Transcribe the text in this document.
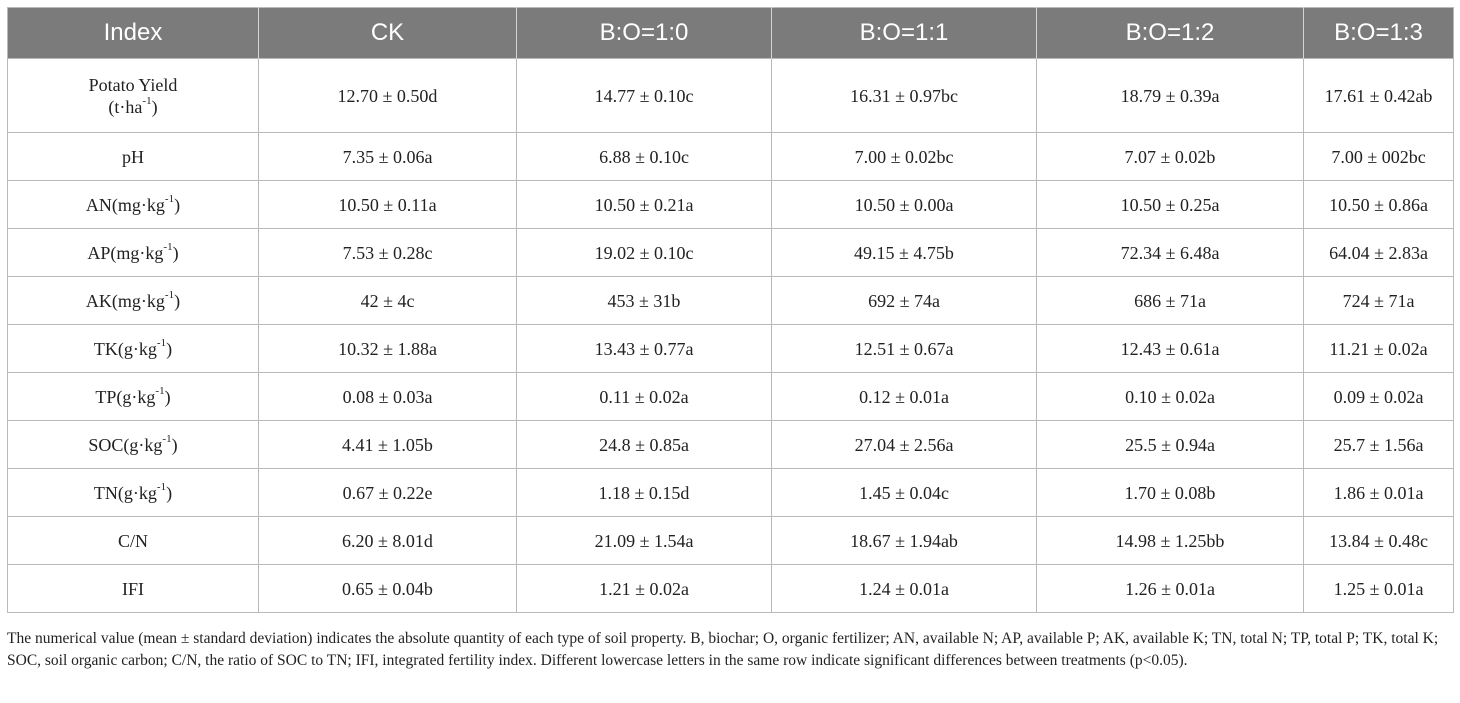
Index	CK	B:O=1:0	B:O=1:1	B:O=1:2	B:O=1:3
Potato Yield
$(t\cdot ha^{-1})$	12.70 ± 0.50d	14.77 ± 0.10c	16.31 ± 0.97bc	18.79 ± 0.39a	17.61 ± 0.42ab
pH	7.35 ± 0.06a	6.88 ± 0.10c	7.00 ± 0.02bc	7.07 ± 0.02b	7.00 ± 002bc
$AN(mg\cdot kg^{-1})$	10.50 ± 0.11a	10.50 ± 0.21a	10.50 ± 0.00a	10.50 ± 0.25a	10.50 ± 0.86a
$AP(mg\cdot kg^{-1})$	7.53 ± 0.28c	19.02 ± 0.10c	49.15 ± 4.75b	72.34 ± 6.48a	64.04 ± 2.83a
$AK(mg\cdot kg^{-1})$	42 ± 4c	453 ± 31b	692 ± 74a	686 ± 71a	724 ± 71a
$TK(g\cdot kg^{-1})$	10.32 ± 1.88a	13.43 ± 0.77a	12.51 ± 0.67a	12.43 ± 0.61a	11.21 ± 0.02a
$TP(g\cdot kg^{-1})$	0.08 ± 0.03a	0.11 ± 0.02a	0.12 ± 0.01a	0.10 ± 0.02a	0.09 ± 0.02a
$SOC(g\cdot kg^{-1})$	4.41 ± 1.05b	24.8 ± 0.85a	27.04 ± 2.56a	25.5 ± 0.94a	25.7 ± 1.56a
$TN(g\cdot kg^{-1})$	0.67 ± 0.22e	1.18 ± 0.15d	1.45 ± 0.04c	1.70 ± 0.08b	1.86 ± 0.01a
C/N	6.20 ± 8.01d	21.09 ± 1.54a	18.67 ± 1.94ab	14.98 ± 1.25bb	13.84 ± 0.48c
IFI	0.65 ± 0.04b	1.21 ± 0.02a	1.24 ± 0.01a	1.26 ± 0.01a	1.25 ± 0.01a
The numerical value (mean ± standard deviation) indicates the absolute quantity of each type of soil property. B, biochar; O, organic fertilizer; AN, available N; AP, available P; AK, available K; TN, total N; TP, total P; TK, total K; SOC, soil organic carbon; C/N, the ratio of SOC to TN; IFI, integrated fertility index. Different lowercase letters in the same row indicate significant differences between treatments (p<0.05).
